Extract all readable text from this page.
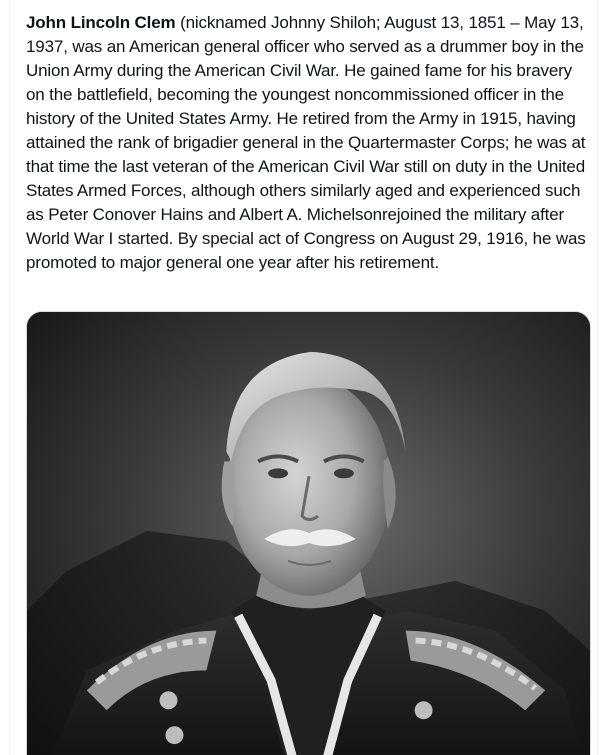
John Lincoln Clem (nicknamed Johnny Shiloh; August 13, 1851 – May 13, 1937, was an American general officer who served as a drummer boy in the Union Army during the American Civil War. He gained fame for his bravery on the battlefield, becoming the youngest noncommissioned officer in the history of the United States Army. He retired from the Army in 1915, having attained the rank of brigadier general in the Quartermaster Corps; he was at that time the last veteran of the American Civil War still on duty in the United States Armed Forces, although others similarly aged and experienced such as Peter Conover Hains and Albert A. Michelsonrejoined the military after World War I started. By special act of Congress on August 29, 1916, he was promoted to major general one year after his retirement.
